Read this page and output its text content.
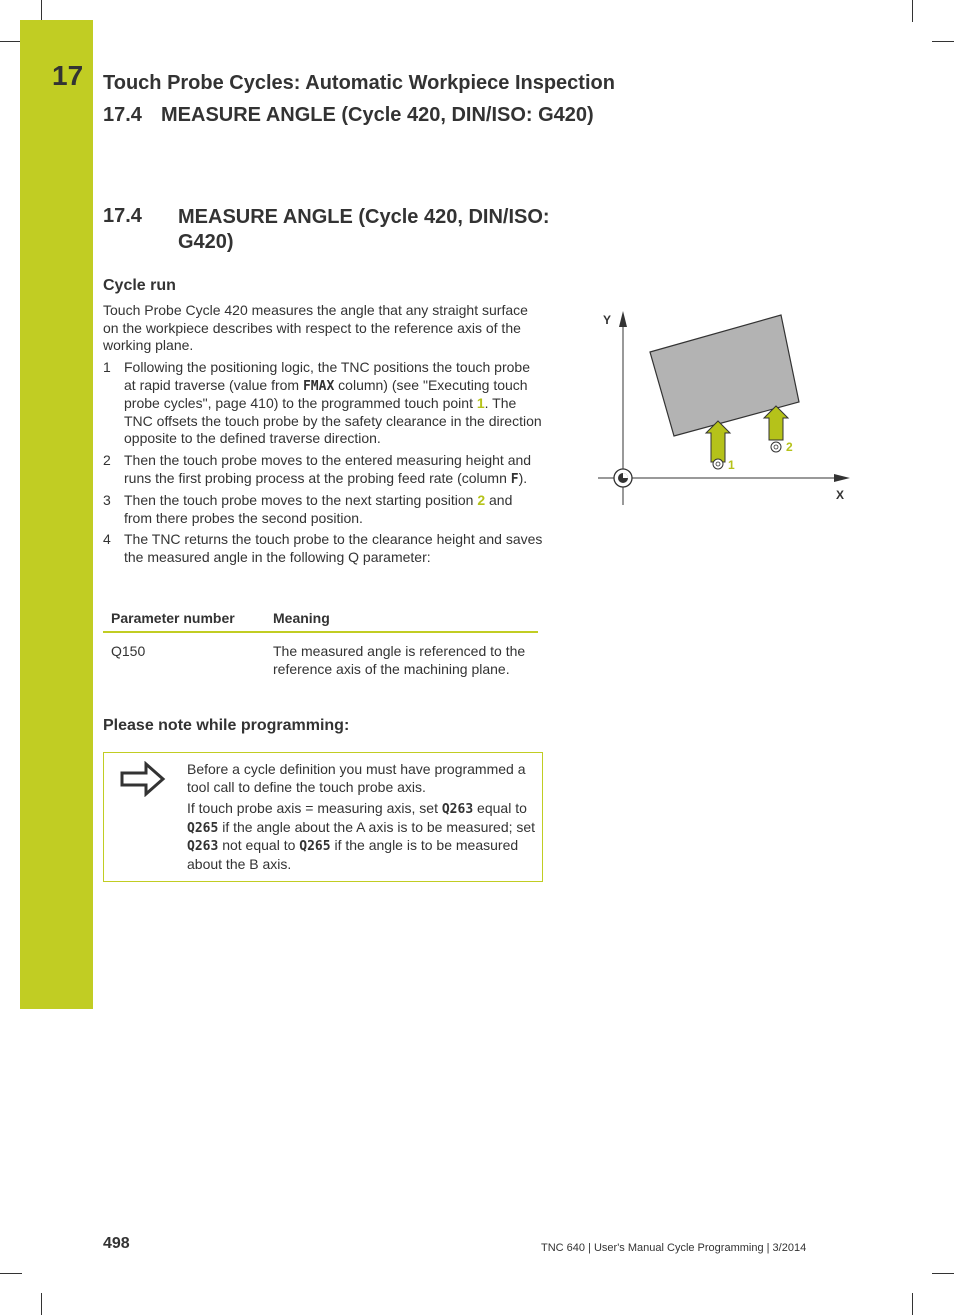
17 Touch Probe Cycles: Automatic Workpiece Inspection
17.4 MEASURE ANGLE (Cycle 420, DIN/ISO: G420)
17.4 MEASURE ANGLE (Cycle 420, DIN/ISO: G420)
Cycle run
Touch Probe Cycle 420 measures the angle that any straight surface on the workpiece describes with respect to the reference axis of the working plane.
1 Following the positioning logic, the TNC positions the touch probe at rapid traverse (value from FMAX column) (see "Executing touch probe cycles", page 410) to the programmed touch point 1. The TNC offsets the touch probe by the safety clearance in the direction opposite to the defined traverse direction.
2 Then the touch probe moves to the entered measuring height and runs the first probing process at the probing feed rate (column F).
3 Then the touch probe moves to the next starting position 2 and from there probes the second position.
4 The TNC returns the touch probe to the clearance height and saves the measured angle in the following Q parameter:
Parameter number	Meaning
Q150	The measured angle is referenced to the reference axis of the machining plane.
Please note while programming:

Before a cycle definition you must have programmed a tool call to define the touch probe axis.

If touch probe axis = measuring axis, set Q263 equal to Q265 if the angle about the A axis is to be measured; set Q263 not equal to Q265 if the angle is to be measured about the B axis.

Y
X
1
2
498	TNC 640 | User's Manual Cycle Programming | 3/2014
